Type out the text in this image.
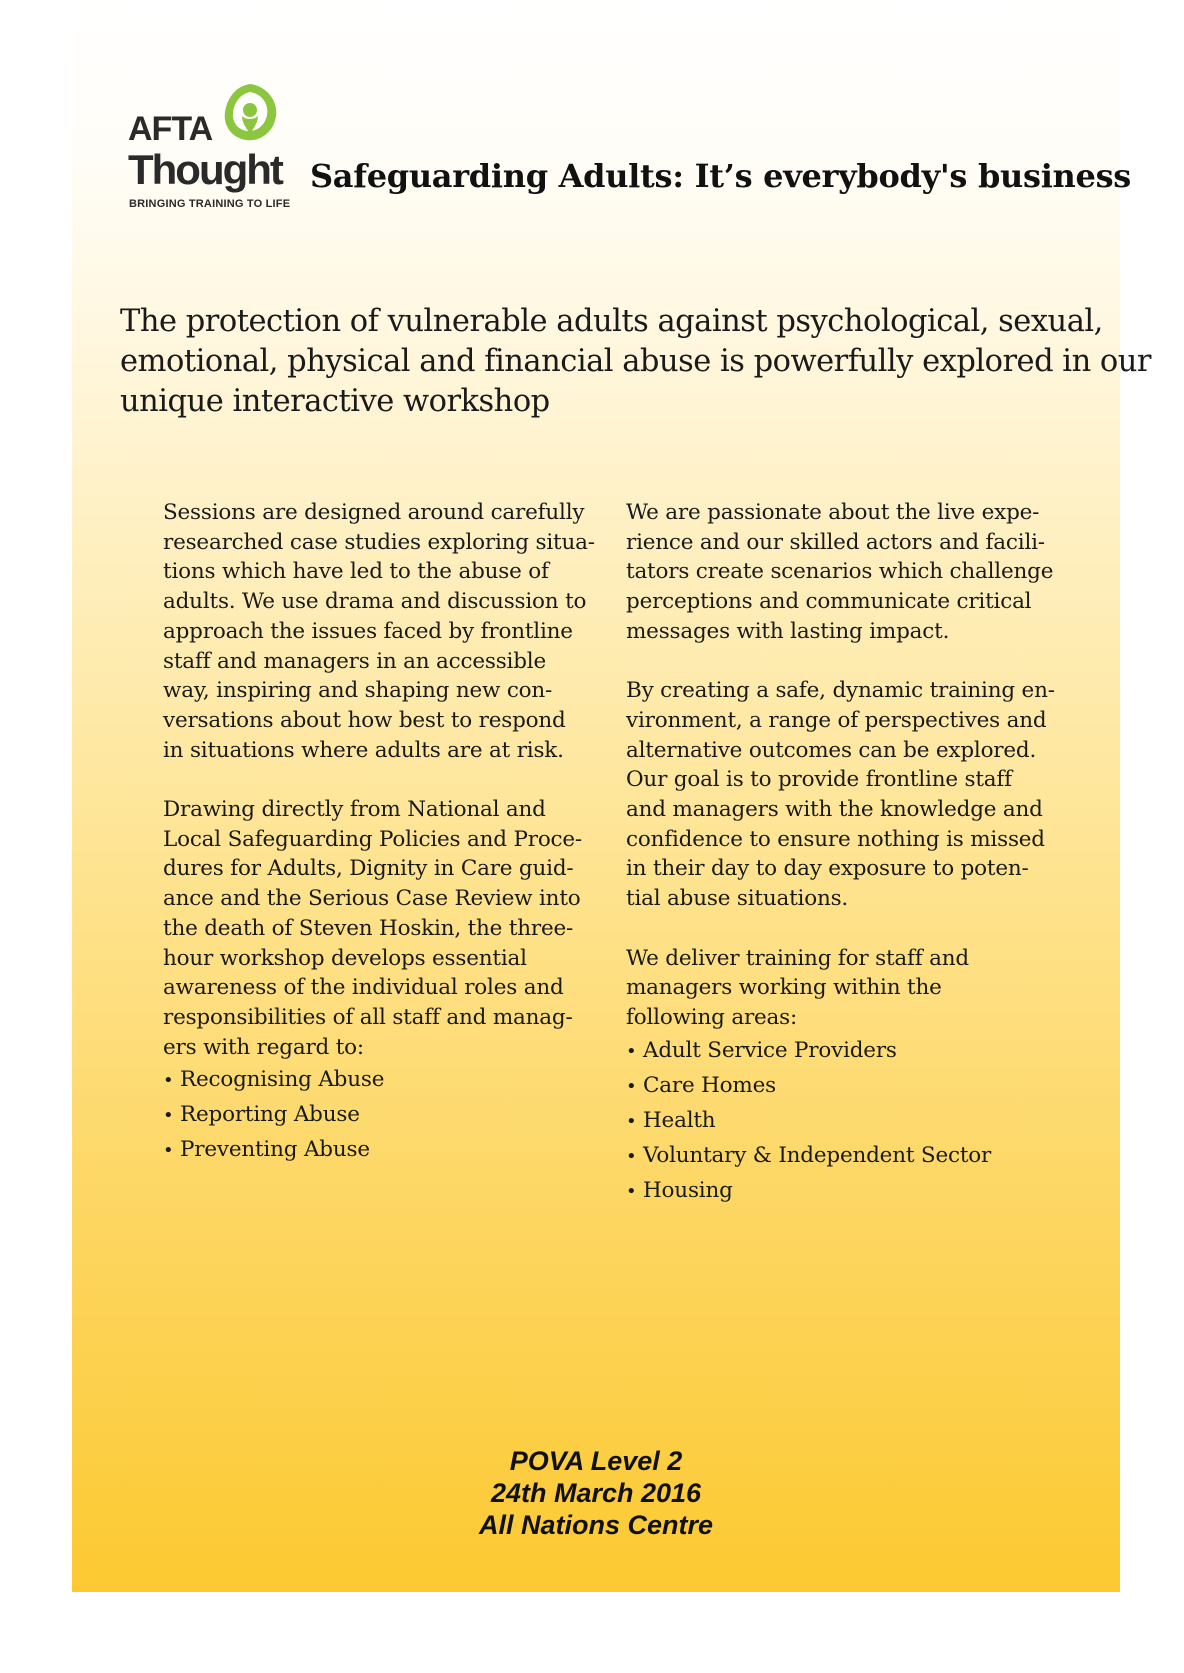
AFTA
Thought
BRINGING TRAINING TO LIFE
Safeguarding Adults: It’s everybody's business
The protection of vulnerable adults against psychological, sexual,
emotional, physical and financial abuse is powerfully explored in our
unique interactive workshop
Sessions are designed around carefully
researched case studies exploring situa-
tions which have led to the abuse of
adults. We use drama and discussion to
approach the issues faced by frontline
staff and managers in an accessible
way, inspiring and shaping new con-
versations about how best to respond
in situations where adults are at risk.
Drawing directly from National and
Local Safeguarding Policies and Proce-
dures for Adults, Dignity in Care guid-
ance and the Serious Case Review into
the death of Steven Hoskin, the three-
hour workshop develops essential
awareness of the individual roles and
responsibilities of all staff and manag-
ers with regard to:
• Recognising Abuse
• Reporting Abuse
• Preventing Abuse
We are passionate about the live expe-
rience and our skilled actors and facili-
tators create scenarios which challenge
perceptions and communicate critical
messages with lasting impact.
By creating a safe, dynamic training en-
vironment, a range of perspectives and
alternative outcomes can be explored.
Our goal is to provide frontline staff
and managers with the knowledge and
confidence to ensure nothing is missed
in their day to day exposure to poten-
tial abuse situations.
We deliver training for staff and
managers working within the
following areas:
• Adult Service Providers
• Care Homes
• Health
• Voluntary & Independent Sector
• Housing
POVA Level 2
24th March 2016
All Nations Centre
